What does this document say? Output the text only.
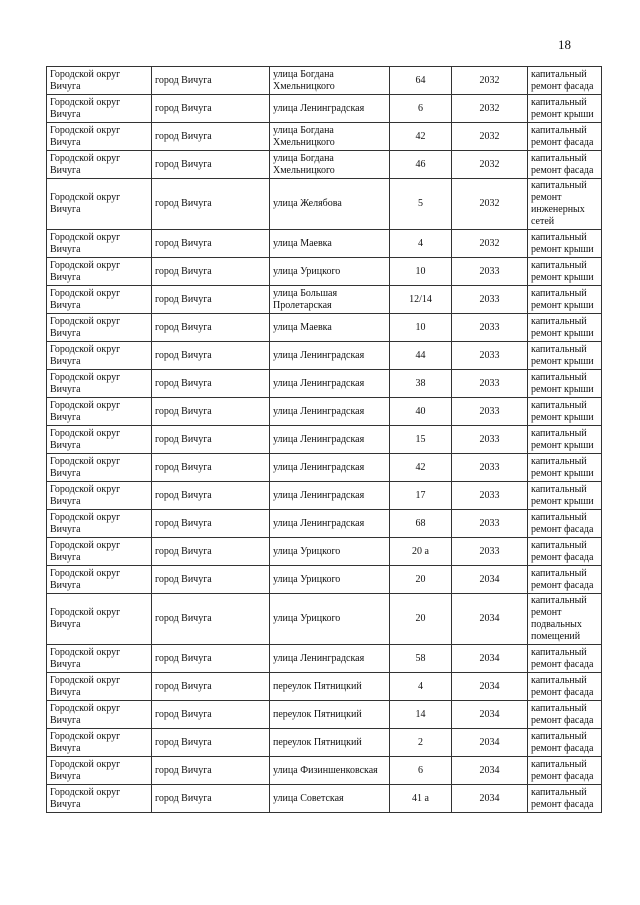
18
Городской округ Вичуга	город Вичуга	улица Богдана Хмельницкого	64	2032	капитальный ремонт фасада
Городской округ Вичуга	город Вичуга	улица Ленинградская	6	2032	капитальный ремонт крыши
Городской округ Вичуга	город Вичуга	улица Богдана Хмельницкого	42	2032	капитальный ремонт фасада
Городской округ Вичуга	город Вичуга	улица Богдана Хмельницкого	46	2032	капитальный ремонт фасада
Городской округ Вичуга	город Вичуга	улица Желябова	5	2032	капитальный ремонт инженерных сетей
Городской округ Вичуга	город Вичуга	улица Маевка	4	2032	капитальный ремонт крыши
Городской округ Вичуга	город Вичуга	улица Урицкого	10	2033	капитальный ремонт крыши
Городской округ Вичуга	город Вичуга	улица Большая Пролетарская	12/14	2033	капитальный ремонт крыши
Городской округ Вичуга	город Вичуга	улица Маевка	10	2033	капитальный ремонт крыши
Городской округ Вичуга	город Вичуга	улица Ленинградская	44	2033	капитальный ремонт крыши
Городской округ Вичуга	город Вичуга	улица Ленинградская	38	2033	капитальный ремонт крыши
Городской округ Вичуга	город Вичуга	улица Ленинградская	40	2033	капитальный ремонт крыши
Городской округ Вичуга	город Вичуга	улица Ленинградская	15	2033	капитальный ремонт крыши
Городской округ Вичуга	город Вичуга	улица Ленинградская	42	2033	капитальный ремонт крыши
Городской округ Вичуга	город Вичуга	улица Ленинградская	17	2033	капитальный ремонт крыши
Городской округ Вичуга	город Вичуга	улица Ленинградская	68	2033	капитальный ремонт фасада
Городской округ Вичуга	город Вичуга	улица Урицкого	20 а	2033	капитальный ремонт фасада
Городской округ Вичуга	город Вичуга	улица Урицкого	20	2034	капитальный ремонт фасада
Городской округ Вичуга	город Вичуга	улица Урицкого	20	2034	капитальный ремонт подвальных помещений
Городской округ Вичуга	город Вичуга	улица Ленинградская	58	2034	капитальный ремонт фасада
Городской округ Вичуга	город Вичуга	переулок Пятницкий	4	2034	капитальный ремонт фасада
Городской округ Вичуга	город Вичуга	переулок Пятницкий	14	2034	капитальный ремонт фасада
Городской округ Вичуга	город Вичуга	переулок Пятницкий	2	2034	капитальный ремонт фасада
Городской округ Вичуга	город Вичуга	улица Физиншенковская	6	2034	капитальный ремонт фасада
Городской округ Вичуга	город Вичуга	улица Советская	41 а	2034	капитальный ремонт фасада
